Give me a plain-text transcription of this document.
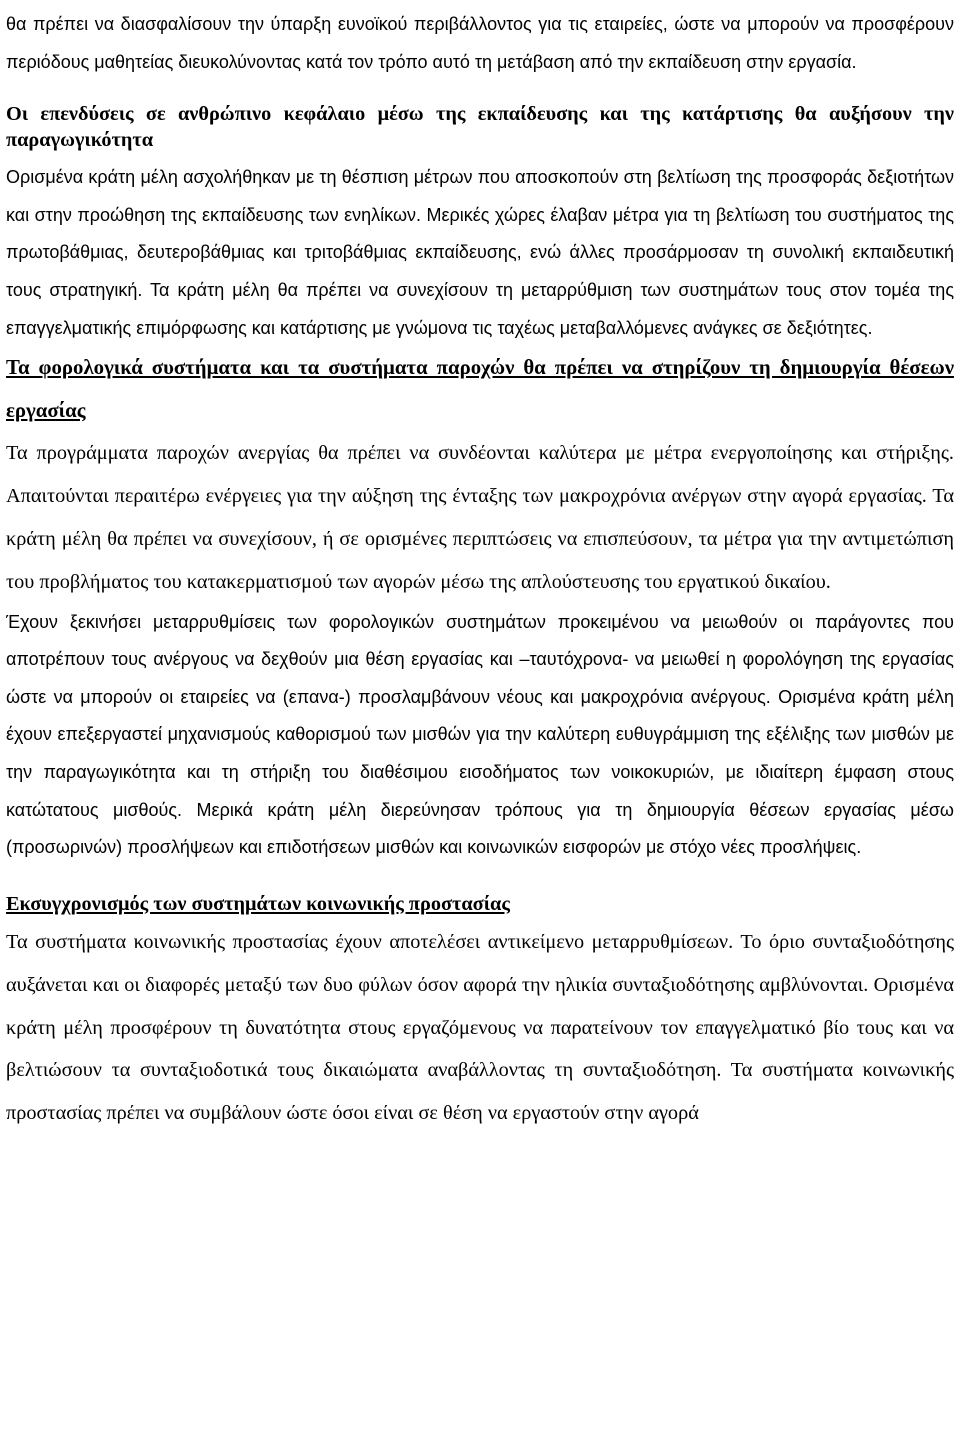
θα πρέπει να διασφαλίσουν την ύπαρξη ευνοϊκού περιβάλλοντος για τις εταιρείες, ώστε να μπορούν να προσφέρουν περιόδους μαθητείας διευκολύνοντας κατά τον τρόπο αυτό τη μετάβαση από την εκπαίδευση στην εργασία.

Οι επενδύσεις σε ανθρώπινο κεφάλαιο μέσω της εκπαίδευσης και της κατάρτισης θα αυξήσουν την παραγωγικότητα

Ορισμένα κράτη μέλη ασχολήθηκαν με τη θέσπιση μέτρων που αποσκοπούν στη βελτίωση της προσφοράς δεξιοτήτων και στην προώθηση της εκπαίδευσης των ενηλίκων. Μερικές χώρες έλαβαν μέτρα για τη βελτίωση του συστήματος της πρωτοβάθμιας, δευτεροβάθμιας και τριτοβάθμιας εκπαίδευσης, ενώ άλλες προσάρμοσαν τη συνολική εκπαιδευτική τους στρατηγική. Τα κράτη μέλη θα πρέπει να συνεχίσουν τη μεταρρύθμιση των συστημάτων τους στον τομέα της επαγγελματικής επιμόρφωσης και κατάρτισης με γνώμονα τις ταχέως μεταβαλλόμενες ανάγκες σε δεξιότητες.

Τα φορολογικά συστήματα και τα συστήματα παροχών θα πρέπει να στηρίζουν τη δημιουργία θέσεων εργασίας

Τα προγράμματα παροχών ανεργίας θα πρέπει να συνδέονται καλύτερα με μέτρα ενεργοποίησης και στήριξης. Απαιτούνται περαιτέρω ενέργειες για την αύξηση της ένταξης των μακροχρόνια ανέργων στην αγορά εργασίας. Τα κράτη μέλη θα πρέπει να συνεχίσουν, ή σε ορισμένες περιπτώσεις να επισπεύσουν, τα μέτρα για την αντιμετώπιση του προβλήματος του κατακερματισμού των αγορών μέσω της απλούστευσης του εργατικού δικαίου.

Έχουν ξεκινήσει μεταρρυθμίσεις των φορολογικών συστημάτων προκειμένου να μειωθούν οι παράγοντες που αποτρέπουν τους ανέργους να δεχθούν μια θέση εργασίας και –ταυτόχρονα- να μειωθεί η φορολόγηση της εργασίας ώστε να μπορούν οι εταιρείες να (επανα-) προσλαμβάνουν νέους και μακροχρόνια ανέργους. Ορισμένα κράτη μέλη έχουν επεξεργαστεί μηχανισμούς καθορισμού των μισθών για την καλύτερη ευθυγράμμιση της εξέλιξης των μισθών με την παραγωγικότητα και τη στήριξη του διαθέσιμου εισοδήματος των νοικοκυριών, με ιδιαίτερη έμφαση στους κατώτατους μισθούς. Μερικά κράτη μέλη διερεύνησαν τρόπους για τη δημιουργία θέσεων εργασίας μέσω (προσωρινών) προσλήψεων και επιδοτήσεων μισθών και κοινωνικών εισφορών με στόχο νέες προσλήψεις.

Εκσυγχρονισμός των συστημάτων κοινωνικής προστασίας

Τα συστήματα κοινωνικής προστασίας έχουν αποτελέσει αντικείμενο μεταρρυθμίσεων. Το όριο συνταξιοδότησης αυξάνεται και οι διαφορές μεταξύ των δυο φύλων όσον αφορά την ηλικία συνταξιοδότησης αμβλύνονται. Ορισμένα κράτη μέλη προσφέρουν τη δυνατότητα στους εργαζόμενους να παρατείνουν τον επαγγελματικό βίο τους και να βελτιώσουν τα συνταξιοδοτικά τους δικαιώματα αναβάλλοντας τη συνταξιοδότηση. Τα συστήματα κοινωνικής προστασίας πρέπει να συμβάλουν ώστε όσοι είναι σε θέση να εργαστούν στην αγορά
